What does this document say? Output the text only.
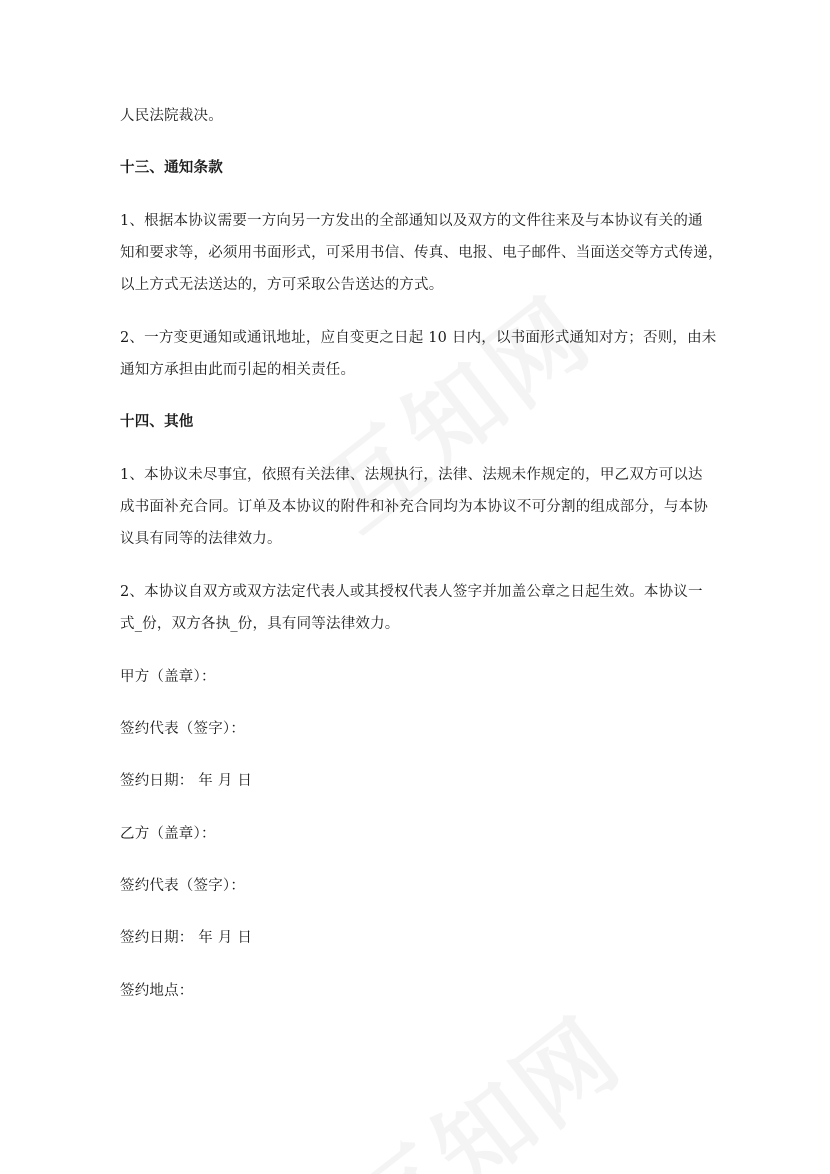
人民法院裁决。
十三、通知条款
1、根据本协议需要一方向另一方发出的全部通知以及双方的文件往来及与本协议有关的通
知和要求等，必须用书面形式，可采用书信、传真、电报、电子邮件、当面送交等方式传递，
以上方式无法送达的，方可采取公告送达的方式。
2、一方变更通知或通讯地址，应自变更之日起 10 日内，以书面形式通知对方；否则，由未
通知方承担由此而引起的相关责任。
十四、其他
1、本协议未尽事宜，依照有关法律、法规执行，法律、法规未作规定的，甲乙双方可以达
成书面补充合同。订单及本协议的附件和补充合同均为本协议不可分割的组成部分，与本协
议具有同等的法律效力。
2、本协议自双方或双方法定代表人或其授权代表人签字并加盖公章之日起生效。本协议一
式_份，双方各执_份，具有同等法律效力。
甲方（盖章）：
签约代表（签字）：
签约日期： 年 月 日
乙方（盖章）：
签约代表（签字）：
签约日期： 年 月 日
签约地点：
